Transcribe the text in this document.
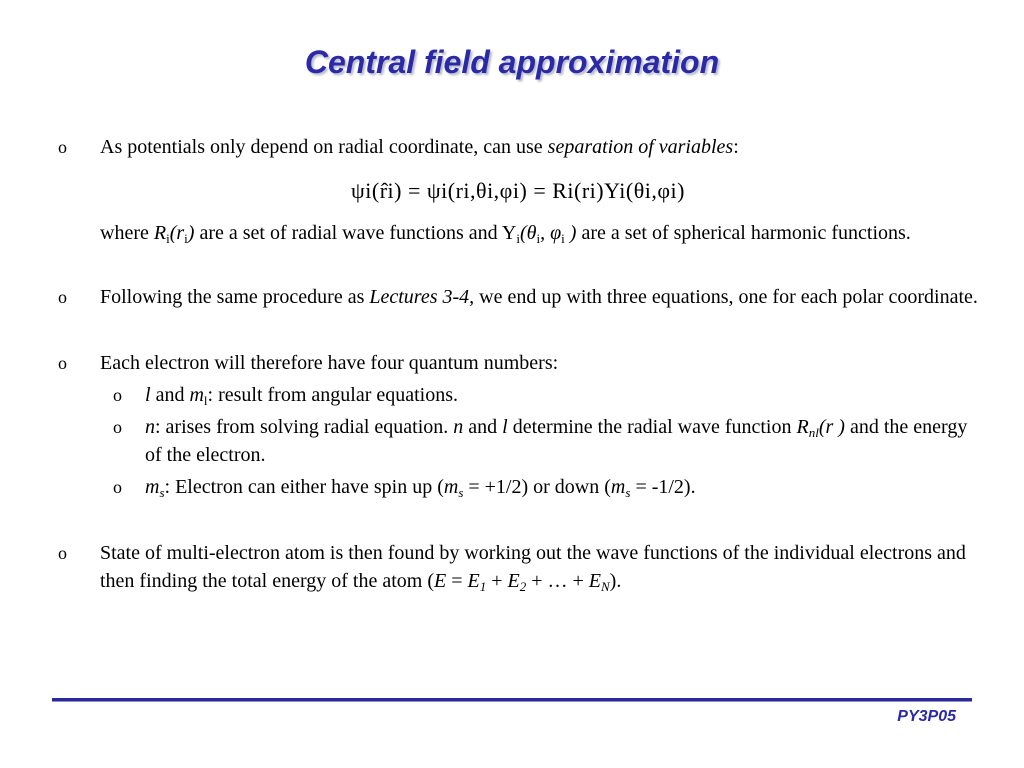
Central field approximation
o	As potentials only depend on radial coordinate, can use separation of variables:
ψi(r̂i) = ψi(ri,θi,φi) = Ri(ri)Yi(θi,φi)
where $R_i(r_i)$ are a set of radial wave functions and $Y_i(\theta_i$, $\varphi_i$ ) are a set of spherical harmonic functions.
o	Following the same procedure as Lectures 3-4, we end up with three equations, one for each polar coordinate.
o	Each electron will therefore have four quantum numbers:
o	l and $m_l$: result from angular equations.
o	n: arises from solving radial equation. n and l determine the radial wave function $R_{nl}(r$ ) and the energy of the electron.
o	$m_s$: Electron can either have spin up $(m_s = +1/2)$ or down $(m_s = -1/2)$.
o	State of multi-electron atom is then found by working out the wave functions of the individual electrons and then finding the total energy of the atom ($E = E_1 + E_2$ + … + $E_N$).
PY3P05
